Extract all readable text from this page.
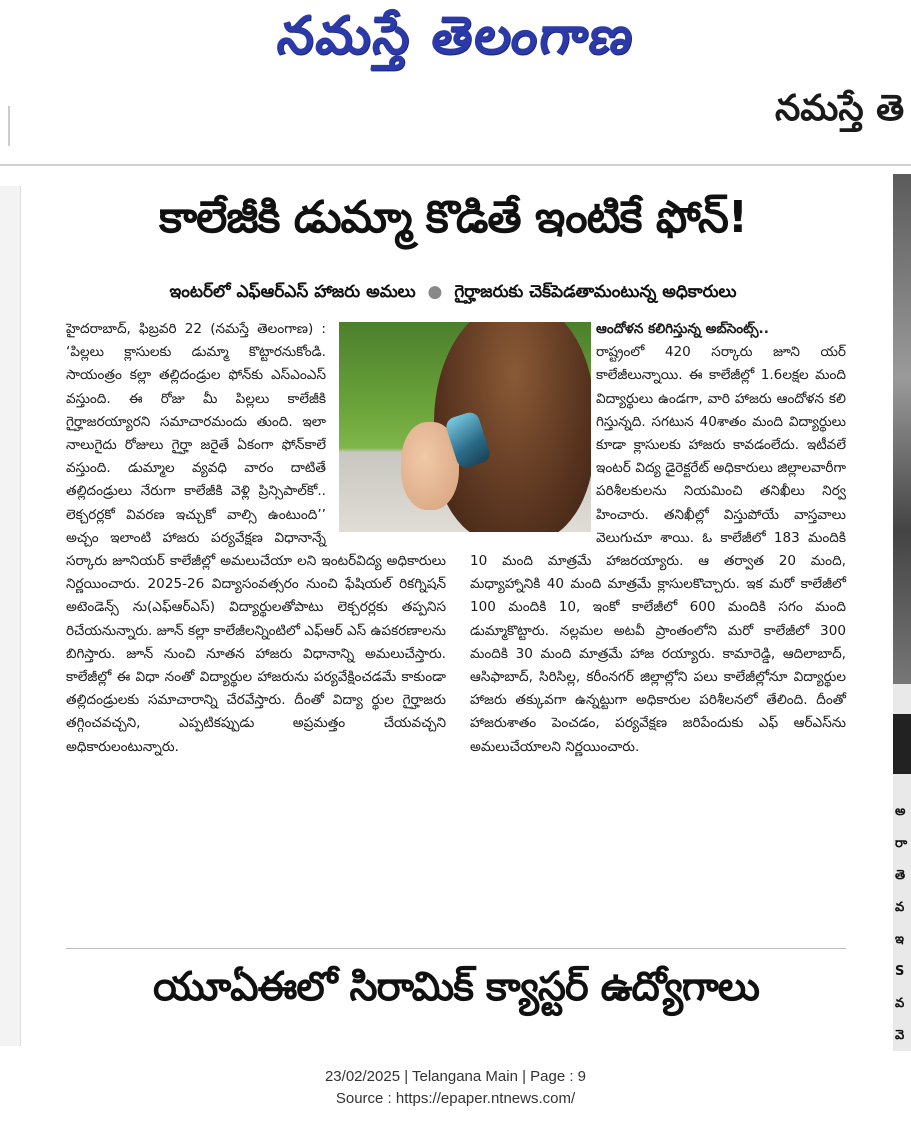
నమస్తే తెలంగాణ
నమస్తే తె
అ
రా
తె
వ
ఇ
S
వ
వె
కాలేజీకి డుమ్మా కొడితే ఇంటికే ఫోన్!
ఇంటర్‌లో ఎఫ్‌ఆర్‌ఎస్ హాజరు అమలు ● గైర్హాజరుకు చెక్‌పెడతామంటున్న అధికారులు

హైదరాబాద్, ఫిబ్రవరి 22 (నమస్తే తెలంగాణ) : ‘పిల్లలు క్లాసులకు డుమ్మా కొట్టారనుకోండి. సాయంత్రం కల్లా తల్లిదండ్రుల ఫోన్‌కు ఎస్‌ఎంఎస్ వస్తుంది. ఈ రోజు మీ పిల్లలు కాలేజీకి గైర్హాజరయ్యారని సమాచారమందు తుంది. ఇలా నాలుగైదు రోజులు గైర్హా జరైతే ఏకంగా ఫోన్‌కాలే వస్తుంది. డుమ్మాల వ్యవధి వారం దాటితే తల్లిదండ్రులు నేరుగా కాలేజీకి వెళ్లి ప్రిన్సిపాల్‌కో.. లెక్చరర్లకో వివరణ ఇచ్చుకో వాల్సి ఉంటుంది’’ అచ్చం ఇలాంటి హాజరు పర్యవేక్షణ విధానాన్నే సర్కారు జూనియర్ కాలేజీల్లో అమలుచేయా లని ఇంటర్‌విద్య అధికారులు నిర్ణయించారు. 2025-26 విద్యాసంవత్సరం నుంచి ఫేషియల్ రికగ్నిషన్ అటెండెన్స్ ను(ఎఫ్‌ఆర్‌ఎస్) విద్యార్థులతోపాటు లెక్చరర్లకు తప్పనిస రిచేయనున్నారు. జూన్ కల్లా కాలేజీలన్నింటిలో ఎఫ్‌ఆర్ ఎస్ ఉపకరణాలను బిగిస్తారు. జూన్ నుంచి నూతన హాజరు విధానాన్ని అమలుచేస్తారు. కాలేజీల్లో ఈ విధా నంతో విద్యార్థుల హాజరును పర్యవేక్షించడమే కాకుండా తల్లిదండ్రులకు సమాచారాన్ని చేరవేస్తారు. దీంతో విద్యా ర్థుల గైర్హాజరు తగ్గించవచ్చని, ఎప్పటికప్పుడు అప్రమత్తం చేయవచ్చని అధికారులంటున్నారు.

ఆందోళన కలిగిస్తున్న అబ్‌సెంట్స్..

రాష్ట్రంలో 420 సర్కారు జూని యర్ కాలేజీలున్నాయి. ఈ కాలేజీల్లో 1.6లక్షల మంది విద్యార్థులు ఉండగా, వారి హాజరు ఆందోళన కలి గిస్తున్నది. సగటున 40శాతం మంది విద్యార్థులు కూడా క్లాసులకు హాజరు కావడంలేదు. ఇటీవలే ఇంటర్ విద్య డైరెక్టరేట్ అధికారులు జిల్లాలవారీగా పరిశీలకులను నియమించి తనిఖీలు నిర్వ హించారు. తనిఖీల్లో విస్తుపోయే వాస్తవాలు వెలుగుచూ శాయి. ఓ కాలేజీలో 183 మందికి 10 మంది మాత్రమే హాజరయ్యారు. ఆ తర్వాత 20 మంది, మధ్యాహ్నానికి 40 మంది మాత్రమే క్లాసులకొచ్చారు. ఇక మరో కాలేజీలో 100 మందికి 10, ఇంకో కాలేజీలో 600 మందికి సగం మంది డుమ్మాకొట్టారు. నల్లమల అటవీ ప్రాంతంలోని మరో కాలేజీలో 300 మందికి 30 మంది మాత్రమే హాజ రయ్యారు. కామారెడ్డి, ఆదిలాబాద్, ఆసిఫాబాద్, సిరిసిల్ల, కరీంనగర్ జిల్లాల్లోని పలు కాలేజీల్లోనూ విద్యార్థుల హాజరు తక్కువగా ఉన్నట్టుగా అధికారుల పరిశీలనలో తేలింది. దీంతో హాజరుశాతం పెంచడం, పర్యవేక్షణ జరిపేందుకు ఎఫ్ ఆర్‌ఎస్‌ను అమలుచేయాలని నిర్ణయించారు.

యూఏఈలో సిరామిక్ క్యాస్టర్ ఉద్యోగాలు
23/02/2025 | Telangana Main | Page : 9
Source : https://epaper.ntnews.com/
